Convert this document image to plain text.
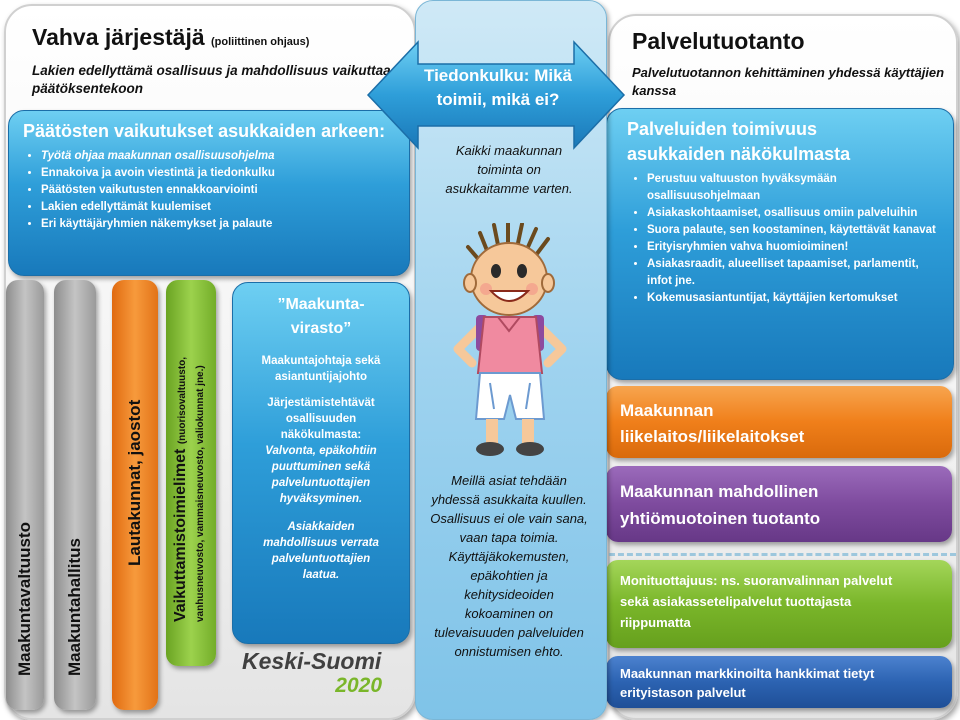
Vahva järjestäjä (poliittinen ohjaus)
Lakien edellyttämä osallisuus ja mahdollisuus vaikuttaa päätöksentekoon
Päätösten vaikutukset asukkaiden arkeen:
• Työtä ohjaa maakunnan osallisuusohjelma
• Ennakoiva ja avoin viestintä ja tiedonkulku
• Päätösten vaikutusten ennakkoarviointi
• Lakien edellyttämät kuulemiset
• Eri käyttäjäryhmien näkemykset ja palaute
Maakuntavaltuusto Maakuntahallitus
Lautakunnat, jaostot Vaikuttamistoimielimet (nuorisovaltuusto, vanhusneuvosto, vammaisneuvosto, valiokunnat jne.)
”Maakunta-virasto”
Maakuntajohtaja sekä asiantuntijajohto
Järjestämistehtävät osallisuuden näkökulmasta:
Valvonta, epäkohtiin puuttuminen sekä palveluntuottajien hyväksyminen.
Asiakkaiden mahdollisuus verrata palveluntuottajien laatua.
Keski-Suomi
2020
Palvelutuotanto
Palvelutuotannon kehittäminen yhdessä käyttäjien kanssa
Palveluiden toimivuus asukkaiden näkökulmasta
• Perustuu valtuuston hyväksymään osallisuusohjelmaan
• Asiakaskohtaamiset, osallisuus omiin palveluihin
• Suora palaute, sen koostaminen, käytettävät kanavat
• Erityisryhmien vahva huomioiminen!
• Asiakasraadit, alueelliset tapaamiset, parlamentit, infot jne.
• Kokemusasiantuntijat, käyttäjien kertomukset
Maakunnan liikelaitos/liikelaitokset
Maakunnan mahdollinen yhtiömuotoinen tuotanto
Monituottajuus: ns. suoranvalinnan palvelut sekä asiakassetelipalvelut tuottajasta riippumatta
Maakunnan markkinoilta hankkimat tietyt erityistason palvelut
Kaikki maakunnan toiminta on asukkaitamme varten.
Meillä asiat tehdään yhdessä asukkaita kuullen. Osallisuus ei ole vain sana, vaan tapa toimia. Käyttäjäkokemusten, epäkohtien ja kehitysideoiden kokoaminen on tulevaisuuden palveluiden onnistumisen ehto.
Tiedonkulku: Mikä toimii, mikä ei?
